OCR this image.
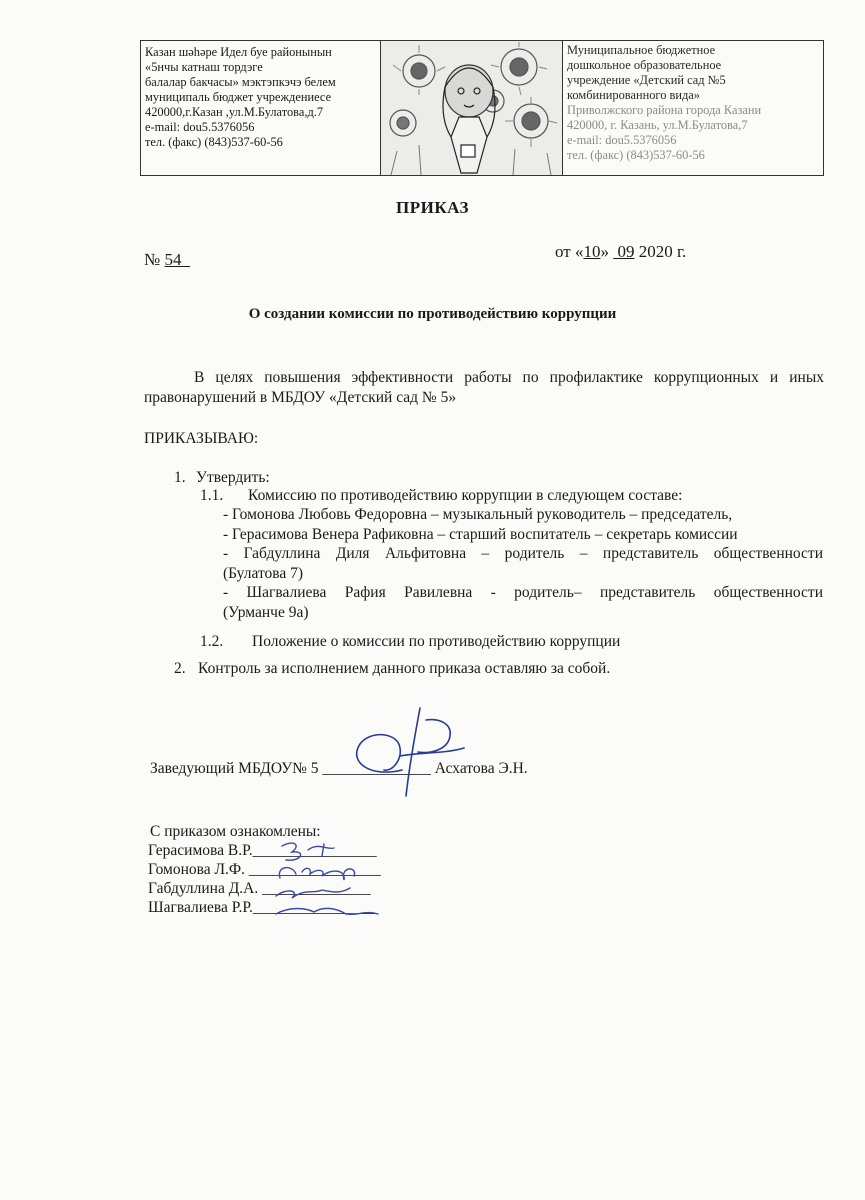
Казан шәһәре Идел буе районынын
«5нчы катнаш тордэге
балалар бакчасы» мэктэпкэчэ белем
муниципаль бюджет учреждениесе
420000,г.Казан ,ул.М.Булатова,д.7
e-mail: dou5.5376056
тел. (факс) (843)537-60-56
Муниципальное бюджетное
дошкольное образовательное
учреждение «Детский сад №5
комбинированного вида»
Приволжского района города Казани
420000, г. Казань, ул.М.Булатова,7
e-mail: dou5.5376056
тел. (факс) (843)537-60-56
ПРИКАЗ
№ 54	от «10» 09 2020 г.
О создании комиссии по противодействию коррупции
В целях повышения эффективности работы по профилактике коррупционных и иных правонарушений в МБДОУ «Детский сад № 5»
ПРИКАЗЫВАЮ:
1. Утвердить:
1.1. Комиссию по противодействию коррупции в следующем составе:

- Гомонова Любовь Федоровна – музыкальный руководитель – председатель,

- Герасимова Венера Рафиковна – старший воспитатель – секретарь комиссии

- Габдуллина Диля Альфитовна – родитель – представитель общественности

(Булатова 7)

- Шагвалиева Рафия Равилевна - родитель– представитель общественности

(Урманче 9а)

1.2. Положение о комиссии по противодействию коррупции
2. Контроль за исполнением данного приказа оставляю за собой.
Заведующий МБДОУ№ 5 ______________ Асхатова Э.Н.
С приказом ознакомлены:
Герасимова В.Р.________________
Гомонова Л.Ф. _________________
Габдуллина Д.А. ______________
Шагвалиева Р.Р.________________
